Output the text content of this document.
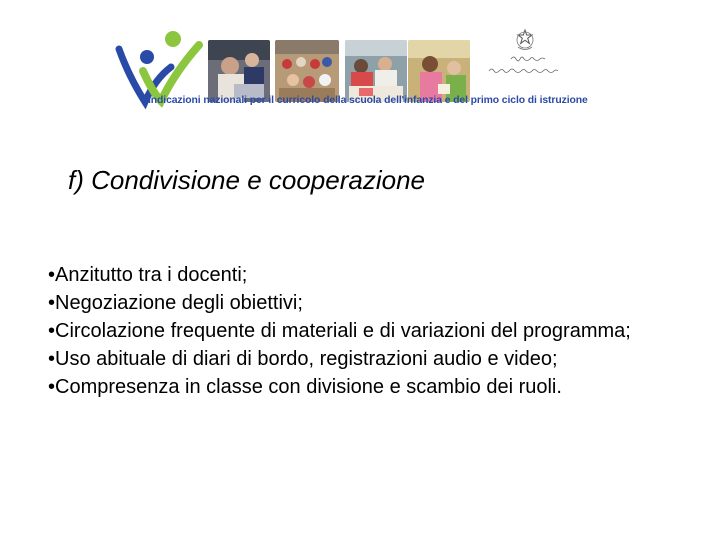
Indicazioni nazionali per il curricolo della scuola dell'infanzia e del primo ciclo di istruzione
f) Condivisione e cooperazione
•Anzitutto tra i docenti;
•Negoziazione degli obiettivi;
•Circolazione frequente di materiali e di variazioni del programma;
•Uso abituale di diari di bordo, registrazioni audio e video;
•Compresenza in classe con divisione e scambio dei ruoli.
